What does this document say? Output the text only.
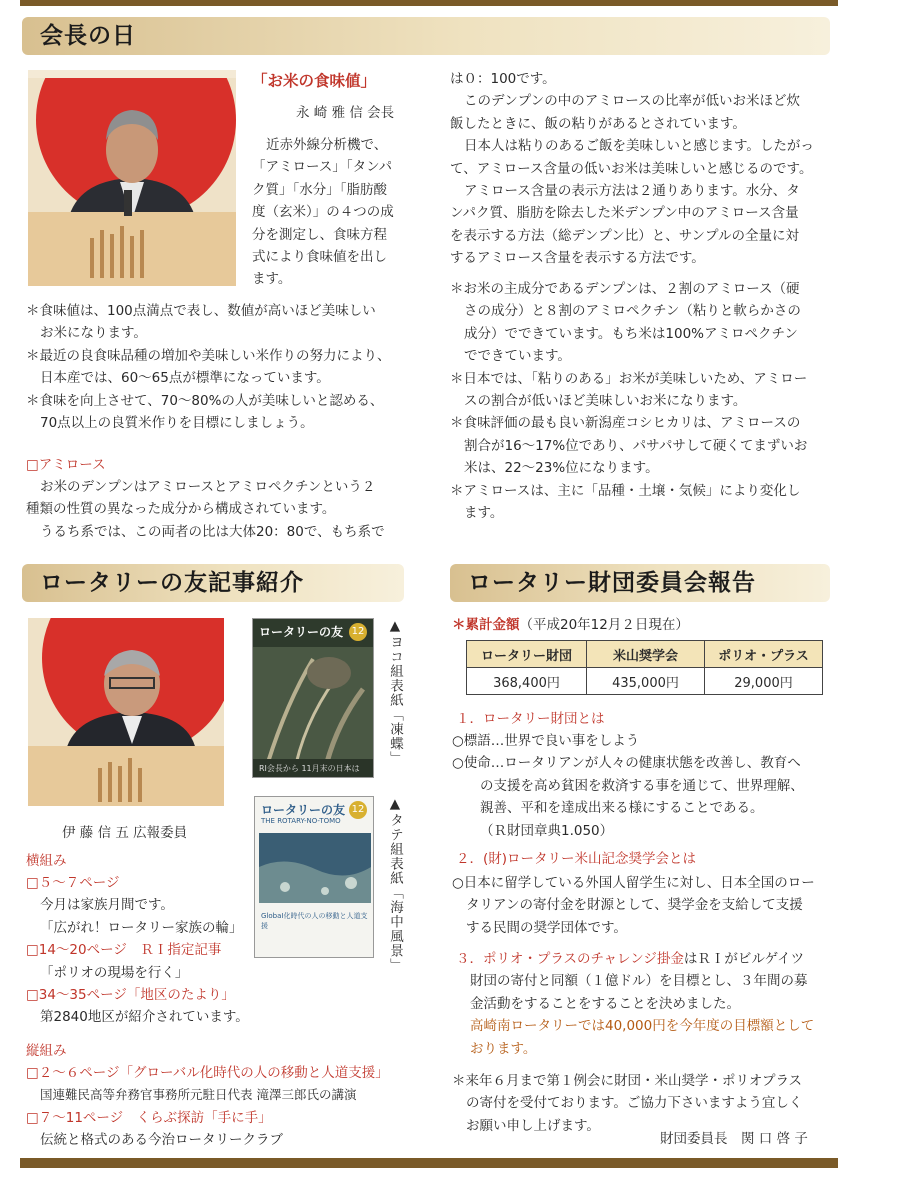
会長の日
「お米の食味値」
永 崎 雅 信 会長
近赤外線分析機で、
「アミロース」「タンパ
ク質」「水分」「脂肪酸
度（玄米）」の４つの成
分を測定し、食味方程
式により食味値を出し
ます。
＊食味値は、100点満点で表し、数値が高いほど美味しい
お米になります。
＊最近の良食味品種の増加や美味しい米作りの努力により、
日本産では、60～65点が標準になっています。
＊食味を向上させて、70～80%の人が美味しいと認める、
70点以上の良質米作りを目標にしましょう。
□アミロース
お米のデンプンはアミロースとアミロペクチンという２
種類の性質の異なった成分から構成されています。
うるち系では、この両者の比は大体20：80で、もち系で
は０：100です。
このデンプンの中のアミロースの比率が低いお米ほど炊
飯したときに、飯の粘りがあるとされています。
日本人は粘りのあるご飯を美味しいと感じます。したがっ
て、アミロース含量の低いお米は美味しいと感じるのです。
アミロース含量の表示方法は２通りあります。水分、タ
ンパク質、脂肪を除去した米デンプン中のアミロース含量
を表示する方法（総デンプン比）と、サンプルの全量に対
するアミロース含量を表示する方法です。
＊お米の主成分であるデンプンは、２割のアミロース（硬
さの成分）と８割のアミロペクチン（粘りと軟らかさの
成分）でできています。もち米は100%アミロペクチン
でできています。
＊日本では、「粘りのある」お米が美味しいため、アミロー
スの割合が低いほど美味しいお米になります。
＊食味評価の最も良い新潟産コシヒカリは、アミロースの
割合が16～17%位であり、パサパサして硬くてまずいお
米は、22～23%位になります。
＊アミロースは、主に「品種・土壌・気候」により変化し
ます。
ロータリーの友記事紹介
伊 藤 信 五 広報委員
ロータリーの友 12
RI会長から 11月末の日本は
▲ヨコ組表紙「凍蝶」
ロータリーの友
THE ROTARY-NO-TOMO
12
GlobaI化時代の人の移動と人道支援	▲タテ組表紙「海中風景」
横組み
□５～７ページ
今月は家族月間です。
「広がれ！ロータリー家族の輪」
□14～20ページ　ＲＩ指定記事
「ポリオの現場を行く」
□34～35ページ「地区のたより」
第2840地区が紹介されています。
縦組み
□２～６ページ「グローバル化時代の人の移動と人道支援」
国連難民高等弁務官事務所元駐日代表 滝澤三郎氏の講演
□７～11ページ　くらぶ探訪「手に手」
伝統と格式のある今治ロータリークラブ
ロータリー財団委員会報告
＊累計金額（平成20年12月２日現在）
ロータリー財団	米山奨学会	ポリオ・プラス
368,400円	435,000円	29,000円
１．ロータリー財団とは
○標語…世界で良い事をしよう
○使命…ロータリアンが人々の健康状態を改善し、教育へ
の支援を高め貧困を救済する事を通じて、世界理解、
親善、平和を達成出来る様にすることである。
（Ｒ財団章典1.050）
２．(財)ロータリー米山記念奨学会とは
○日本に留学している外国人留学生に対し、日本全国のロー
タリアンの寄付金を財源として、奨学金を支給して支援
する民間の奨学団体です。
３．ポリオ・プラスのチャレンジ掛金はＲＩがビルゲイツ
財団の寄付と同額（１億ドル）を目標とし、３年間の募
金活動をすることをすることを決めました。
高崎南ロータリーでは40,000円を今年度の目標額として
おります。
＊来年６月まで第１例会に財団・米山奨学・ポリオプラス
の寄付を受付ております。ご協力下さいますよう宜しく
お願い申し上げます。
財団委員長　関 口 啓 子
